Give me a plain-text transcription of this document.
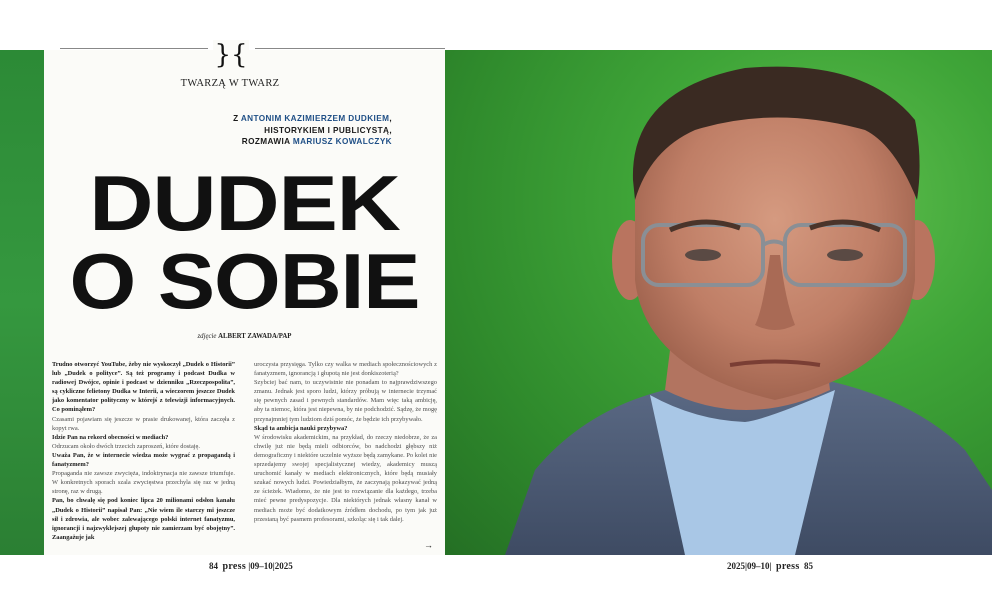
}{
TWARZĄ W TWARZ
Z ANTONIM KAZIMIERZEM DUDKIEM,
HISTORYKIEM I PUBLICYSTĄ,
ROZMAWIA MARIUSZ KOWALCZYK
DUDEK
O SOBIE
zdjęcie ALBERT ZAWADA/PAP

Trudno otworzyć YouTube, żeby nie wyskoczył „Dudek o Historii” lub „Dudek o polityce”. Są też programy i podcast Dudka w radiowej Dwójce, opinie i podcast w dzienniku „Rzeczpospolita”, są cykliczne felietony Dudka w Interii, a wieczorem jeszcze Dudek jako komentator polityczny w którejś z telewizji informacyjnych. Co pominąłem?

Czasami pojawiam się jeszcze w prasie drukowanej, która zaczęła z kopyt rwa.

Idzie Pan na rekord obecności w mediach?

Odrzucam około dwóch trzecich zaproszeń, które dostaję.

Uważa Pan, że w internecie wiedza może wygrać z propagandą i fanatyzmem?

Propaganda nie zawsze zwycięża, indoktrynacja nie zawsze triumfuje. W konkretnych sporach szala zwycięstwa przechyla się raz w jedną stronę, raz w drugą.

Pan, bo chwalę się pod koniec lipca 20 milionami odsłon kanału „Dudek o Historii” napisał Pan: „Nie wiem ile starczy mi jeszcze sił i zdrowia, ale wobec zalewającego polski internet fanatyzmu, ignorancji i najzwyklejszej głupoty nie zamierzam być obojętny”. Zaangażuje jak

uroczysta przysięga. Tylko czy walka w mediach społecznościowych z fanatyzmem, ignorancją i głupotą nie jest donkiszoterią?

Szybciej bać nam, to uczywistnie nie ponadam to najprawdziwszego zmanu. Jednak jest sporo ludzi, którzy próbują w internecie trzymać się pewnych zasad i pewnych standardów. Mam więc taką ambicję, aby ta niemoc, która jest niepewna, by nie podchodzić. Sądzę, że mogę przynajmniej tym ludziom dziś pomóc, że będzie ich przybywało.

Skąd ta ambicja nauki przybywa?

W środowisku akademickim, na przykład, do rzeczy niedobrze, że za chwilę już nie będą mieli odbiorców, bo nadchodzi głębszy niż demograficzny i niektóre uczelnie wyższe będą zamykane. Po kolei nie sprzedajemy swojej specjalistycznej wiedzy, akademicy muszą uruchomić kanały w mediach elektronicznych, które będą musiały szukać nowych ludzi. Powiedziałbym, że zaczynają pokazywać jedną ze ścieżek. Wiadomo, że nie jest to rozwiązanie dla każdego, trzeba mieć pewne predyspozycje. Dla niektórych jednak własny kanał w mediach może być dodatkowym źródłem dochodu, po tym jak już przestaną być pasmem profesorami, szkoląc się i tak dalej.

→
84 press |09–10|2025	2025|09–10| press 85
